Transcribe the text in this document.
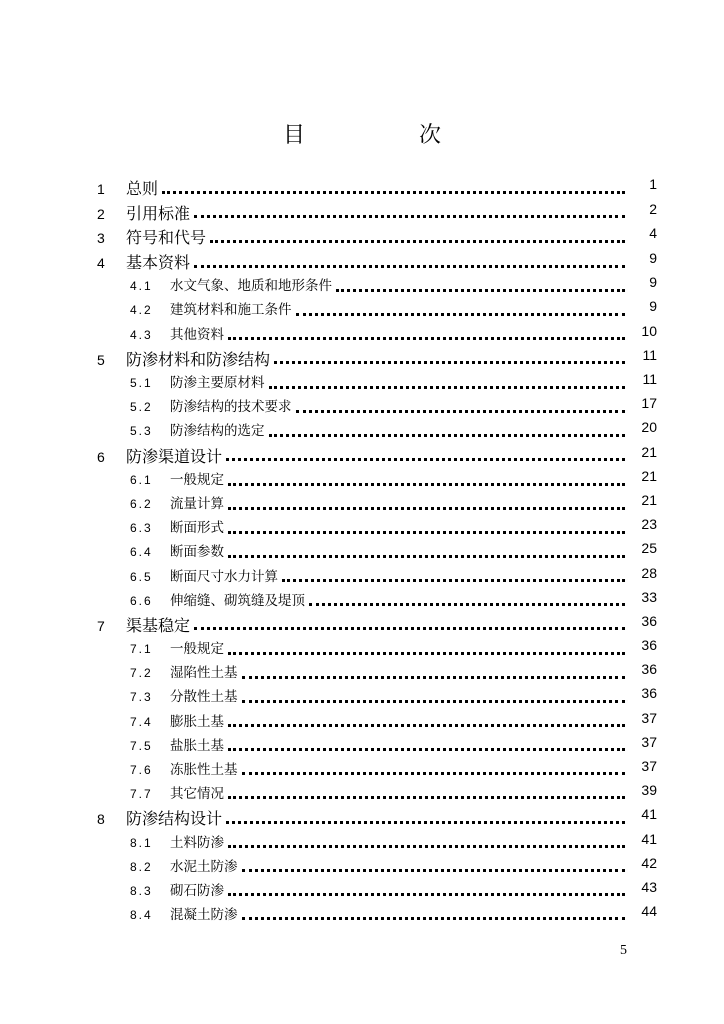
目　次
1	总则	1
2	引用标准	2
3	符号和代号	4
4	基本资料	9
4.1	水文气象、地质和地形条件	9
4.2	建筑材料和施工条件	9
4.3	其他资料	10
5	防渗材料和防渗结构	11
5.1	防渗主要原材料	11
5.2	防渗结构的技术要求	17
5.3	防渗结构的选定	20
6	防渗渠道设计	21
6.1	一般规定	21
6.2	流量计算	21
6.3	断面形式	23
6.4	断面参数	25
6.5	断面尺寸水力计算	28
6.6	伸缩缝、砌筑缝及堤顶	33
7	渠基稳定	36
7.1	一般规定	36
7.2	湿陷性土基	36
7.3	分散性土基	36
7.4	膨胀土基	37
7.5	盐胀土基	37
7.6	冻胀性土基	37
7.7	其它情况	39
8	防渗结构设计	41
8.1	土料防渗	41
8.2	水泥土防渗	42
8.3	砌石防渗	43
8.4	混凝土防渗	44
5
